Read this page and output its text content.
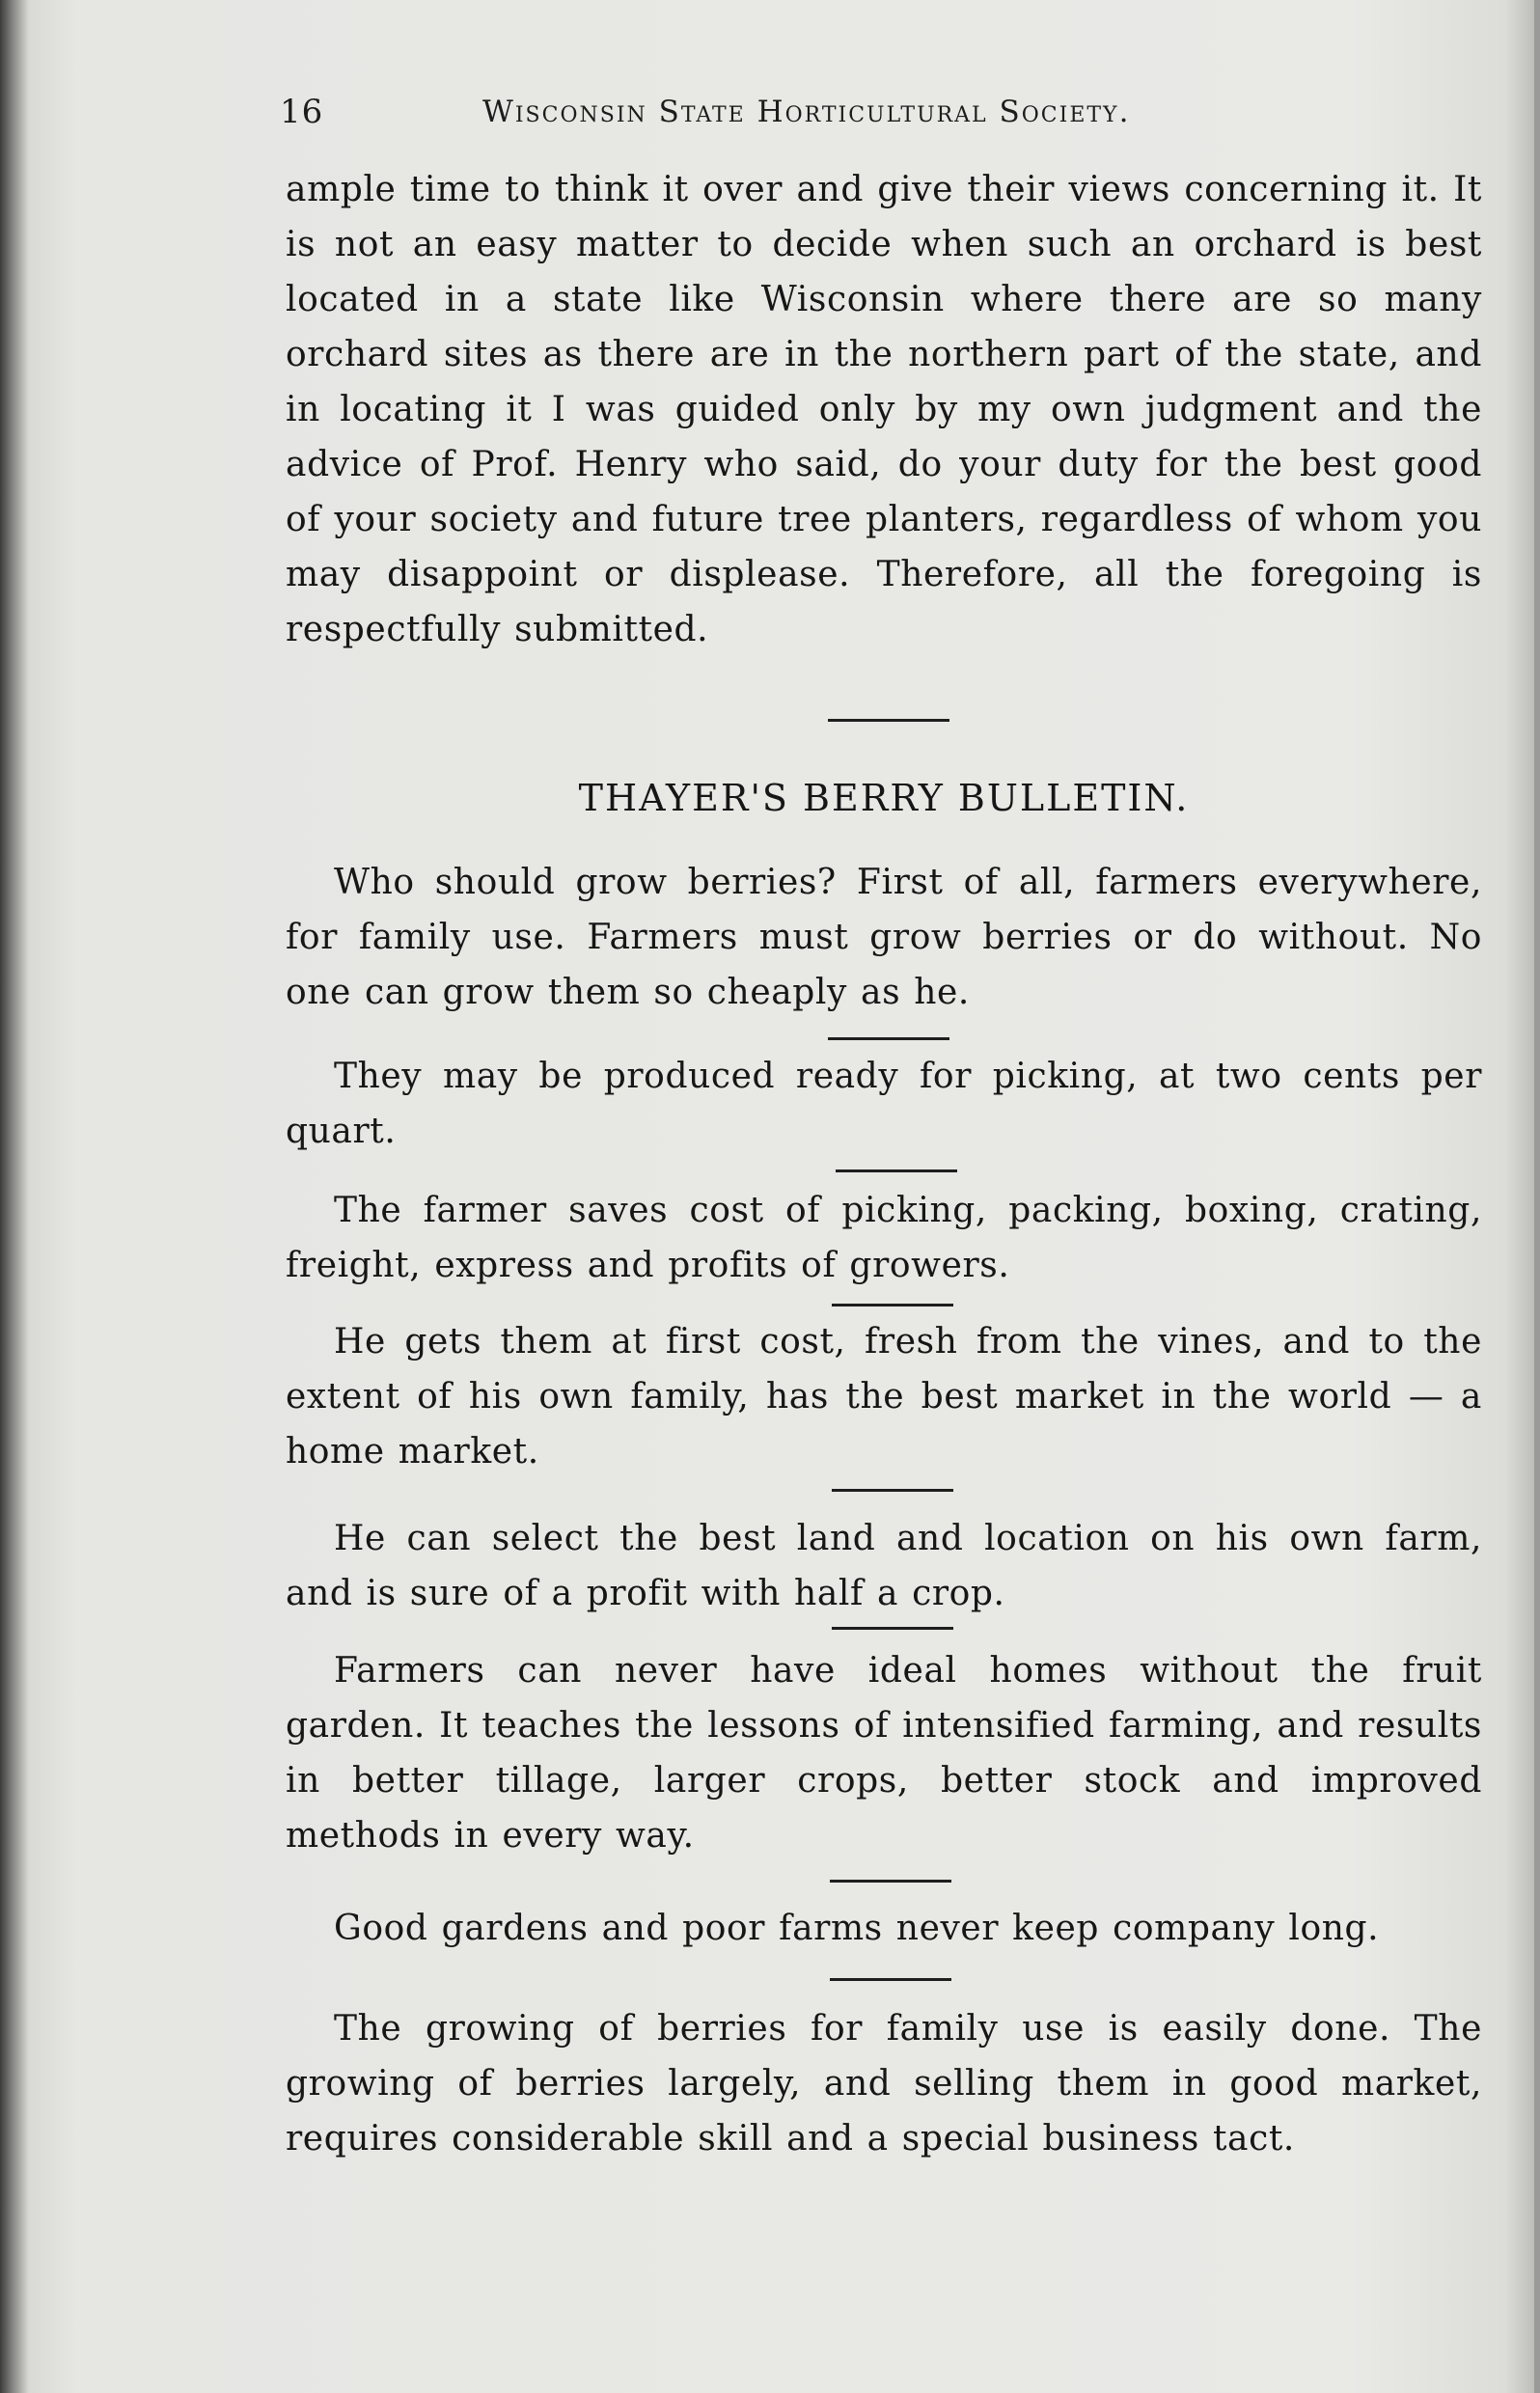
16	Wisconsin State Horticultural Society.

ample time to think it over and give their views concerning it. It is not an easy matter to decide when such an orchard is best located in a state like Wisconsin where there are so many orchard sites as there are in the northern part of the state, and in locating it I was guided only by my own judgment and the advice of Prof. Henry who said, do your duty for the best good of your society and future tree planters, regardless of whom you may disappoint or displease. Therefore, all the foregoing is respectfully submitted.

THAYER'S BERRY BULLETIN.

Who should grow berries? First of all, farmers everywhere, for family use. Farmers must grow berries or do without. No one can grow them so cheaply as he.

They may be produced ready for picking, at two cents per quart.

The farmer saves cost of picking, packing, boxing, crating, freight, express and profits of growers.

He gets them at first cost, fresh from the vines, and to the extent of his own family, has the best market in the world — a home market.

He can select the best land and location on his own farm, and is sure of a profit with half a crop.

Farmers can never have ideal homes without the fruit garden. It teaches the lessons of intensified farming, and results in better tillage, larger crops, better stock and improved methods in every way.

Good gardens and poor farms never keep company long.

The growing of berries for family use is easily done. The growing of berries largely, and selling them in good market, requires considerable skill and a special business tact.
